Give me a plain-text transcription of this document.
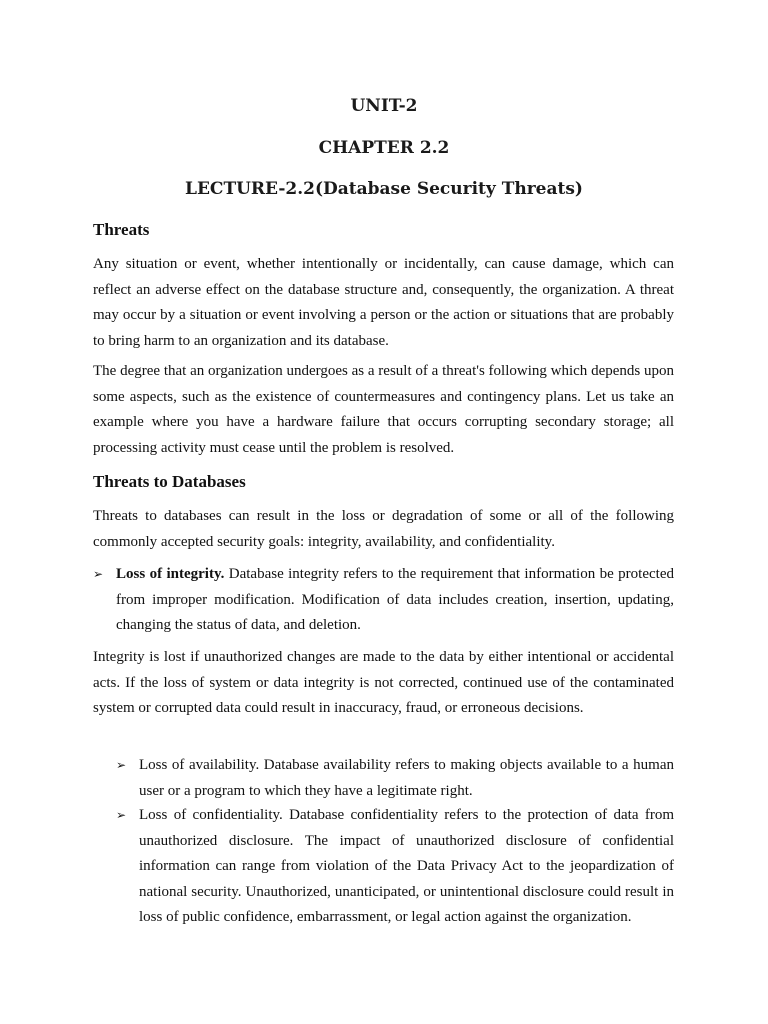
UNIT-2
CHAPTER 2.2
LECTURE-2.2(Database Security Threats)
Threats
Any situation or event, whether intentionally or incidentally, can cause damage, which can reflect an adverse effect on the database structure and, consequently, the organization. A threat may occur by a situation or event involving a person or the action or situations that are probably to bring harm to an organization and its database.
The degree that an organization undergoes as a result of a threat's following which depends upon some aspects, such as the existence of countermeasures and contingency plans. Let us take an example where you have a hardware failure that occurs corrupting secondary storage; all processing activity must cease until the problem is resolved.
Threats to Databases
Threats to databases can result in the loss or degradation of some or all of the following commonly accepted security goals: integrity, availability, and confidentiality.
➢ Loss of integrity. Database integrity refers to the requirement that information be protected from improper modification. Modification of data includes creation, insertion, updating, changing the status of data, and deletion.
Integrity is lost if unauthorized changes are made to the data by either intentional or accidental acts. If the loss of system or data integrity is not corrected, continued use of the contaminated system or corrupted data could result in inaccuracy, fraud, or erroneous decisions.
➢ Loss of availability. Database availability refers to making objects available to a human user or a program to which they have a legitimate right.
➢ Loss of confidentiality. Database confidentiality refers to the protection of data from unauthorized disclosure. The impact of unauthorized disclosure of confidential information can range from violation of the Data Privacy Act to the jeopardization of national security. Unauthorized, unanticipated, or unintentional disclosure could result in loss of public confidence, embarrassment, or legal action against the organization.
